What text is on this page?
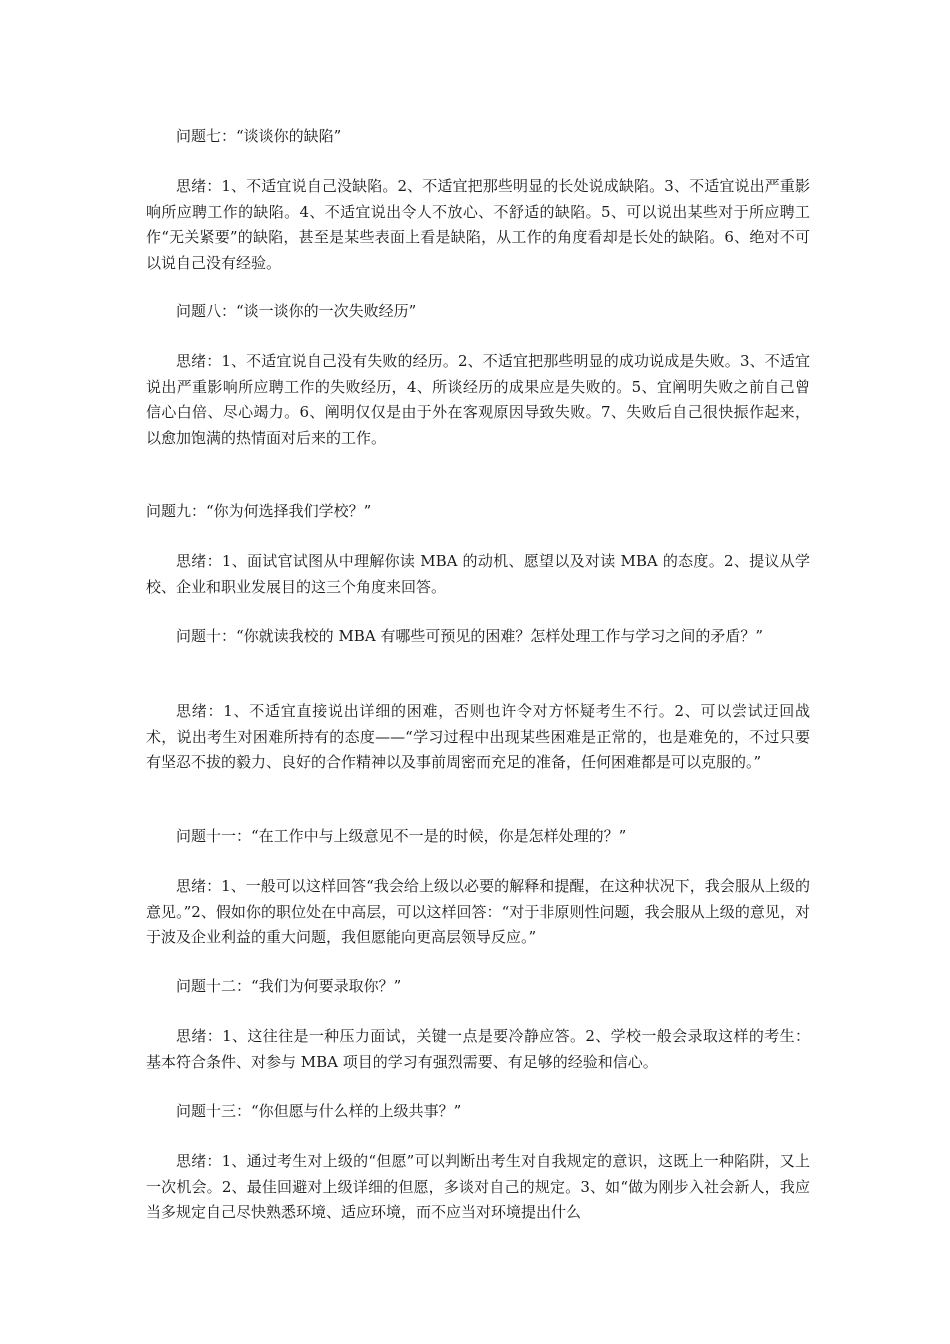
问题七：“谈谈你的缺陷”

思绪：1、不适宜说自己没缺陷。2、不适宜把那些明显的长处说成缺陷。3、不适宜说出严重影响所应聘工作的缺陷。4、不适宜说出令人不放心、不舒适的缺陷。5、可以说出某些对于所应聘工作“无关紧要”的缺陷，甚至是某些表面上看是缺陷，从工作的角度看却是长处的缺陷。6、绝对不可以说自己没有经验。

问题八：“谈一谈你的一次失败经历”

思绪：1、不适宜说自己没有失败的经历。2、不适宜把那些明显的成功说成是失败。3、不适宜说出严重影响所应聘工作的失败经历，4、所谈经历的成果应是失败的。5、宜阐明失败之前自己曾信心白倍、尽心竭力。6、阐明仅仅是由于外在客观原因导致失败。7、失败后自己很快振作起来，以愈加饱满的热情面对后来的工作。

问题九：“你为何选择我们学校？”

思绪：1、面试官试图从中理解你读 MBA 的动机、愿望以及对读 MBA 的态度。2、提议从学校、企业和职业发展目的这三个角度来回答。

问题十：“你就读我校的 MBA 有哪些可预见的困难？怎样处理工作与学习之间的矛盾？”

思绪：1、不适宜直接说出详细的困难，否则也许令对方怀疑考生不行。2、可以尝试迂回战术，说出考生对困难所持有的态度——“学习过程中出现某些困难是正常的，也是难免的，不过只要有坚忍不拔的毅力、良好的合作精神以及事前周密而充足的准备，任何困难都是可以克服的。”

问题十一：“在工作中与上级意见不一是的时候，你是怎样处理的？”

思绪：1、一般可以这样回答“我会给上级以必要的解释和提醒，在这种状况下，我会服从上级的意见。”2、假如你的职位处在中高层，可以这样回答：“对于非原则性问题，我会服从上级的意见，对于波及企业利益的重大问题，我但愿能向更高层领导反应。”

问题十二：“我们为何要录取你？”

思绪：1、这往往是一种压力面试，关键一点是要冷静应答。2、学校一般会录取这样的考生：基本符合条件、对参与 MBA 项目的学习有强烈需要、有足够的经验和信心。

问题十三：“你但愿与什么样的上级共事？”

思绪：1、通过考生对上级的“但愿”可以判断出考生对自我规定的意识，这既上一种陷阱，又上一次机会。2、最佳回避对上级详细的但愿，多谈对自己的规定。3、如“做为刚步入社会新人，我应当多规定自己尽快熟悉环境、适应环境，而不应当对环境提出什么
